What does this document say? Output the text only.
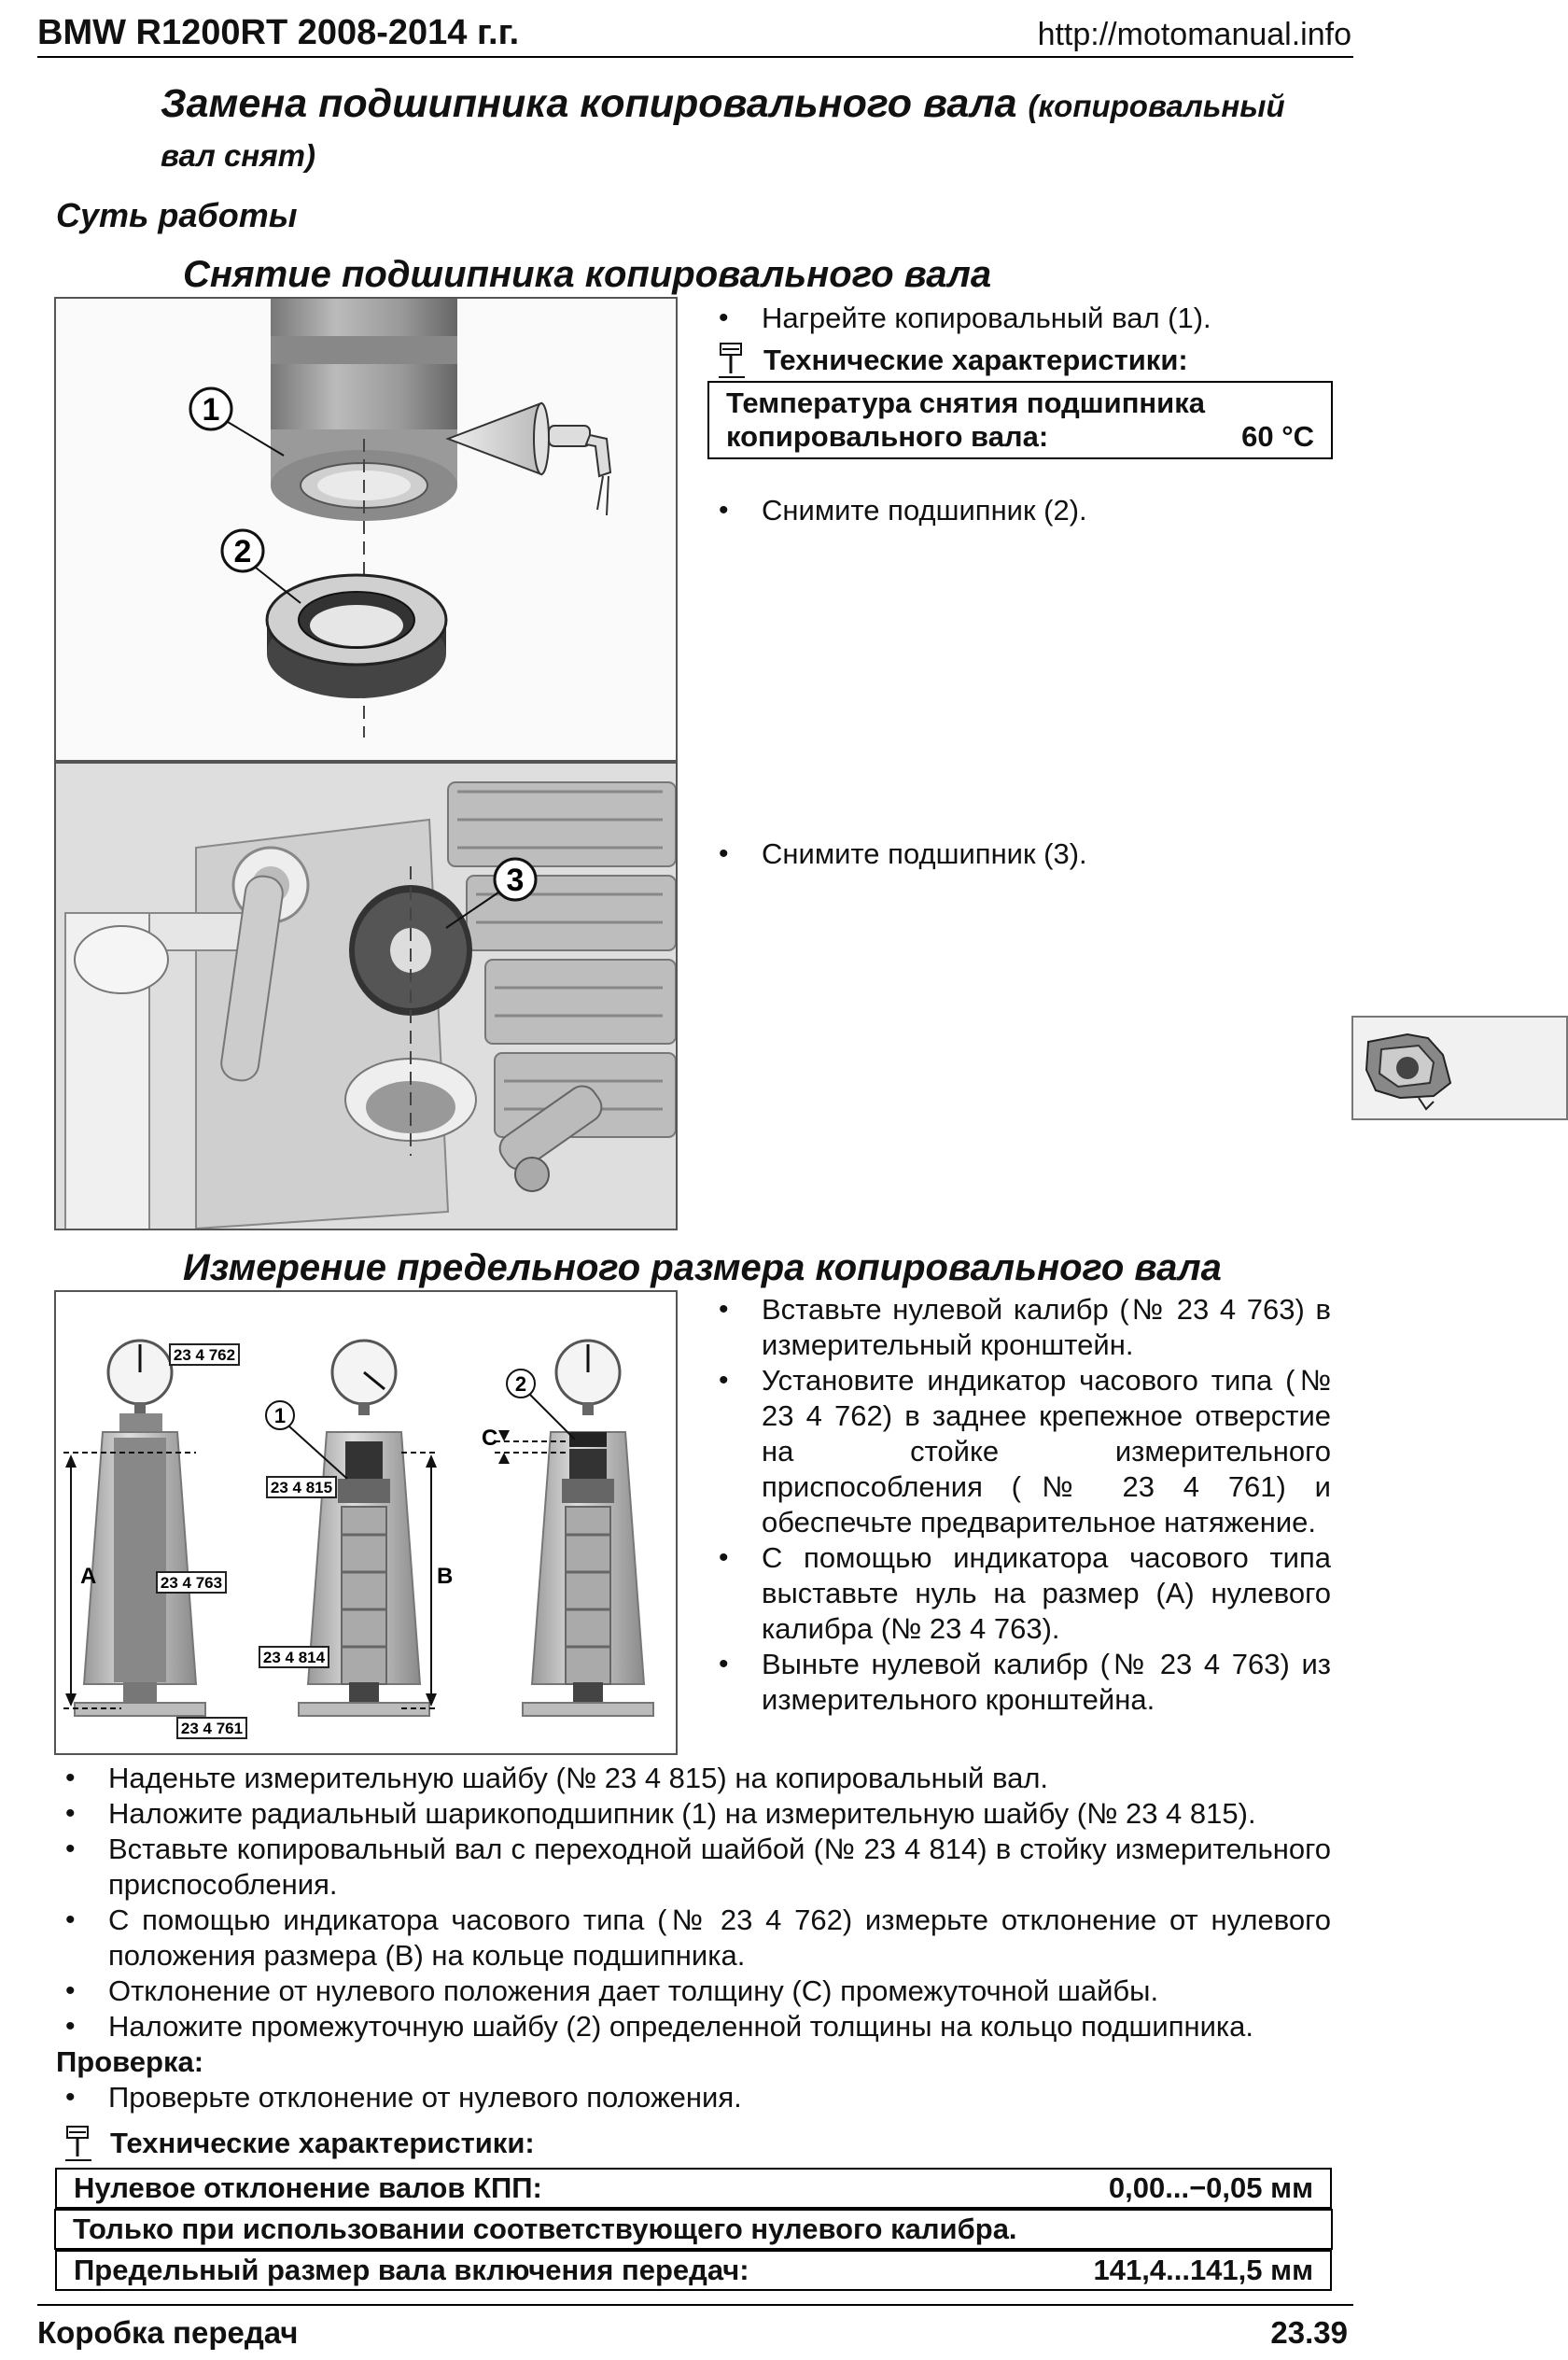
BMW R1200RT 2008-2014 г.г.	http://motomanual.info
Замена подшипника копировального вала (копировальный вал снят)
Суть работы
Снятие подшипника копировального вала
1
2
• Нагрейте копировальный вал (1).
Технические характеристики:
Температура снятия подшипника
копировального вала:	60 °C
• Снимите подшипник (2).
3
• Снимите подшипник (3).
Измерение предельного размера копировального вала
1
2
A	B
C
23 4 762
23 4 815
23 4 763
23 4 814
23 4 761
• Вставьте нулевой калибр (№ 23 4 763) в измерительный кронштейн.
• Установите индикатор часового типа (№ 23 4 762) в заднее крепежное отверстие на стойке измерительного приспособления (№ 23 4 761) и обеспечьте предварительное натяжение.
• С помощью индикатора часового типа выставьте нуль на размер (A) нулевого калибра (№ 23 4 763).
• Выньте нулевой калибр (№ 23 4 763) из измерительного кронштейна.
• Наденьте измерительную шайбу (№ 23 4 815) на копировальный вал.
• Наложите радиальный шарикоподшипник (1) на измерительную шайбу (№ 23 4 815).
• Вставьте копировальный вал с переходной шайбой (№ 23 4 814) в стойку измерительного приспособления.
• С помощью индикатора часового типа (№ 23 4 762) измерьте отклонение от нулевого положения размера (B) на кольце подшипника.
• Отклонение от нулевого положения дает толщину (C) промежуточной шайбы.
• Наложите промежуточную шайбу (2) определенной толщины на кольцо подшипника.
Проверка:
• Проверьте отклонение от нулевого положения.
Технические характеристики:
Нулевое отклонение валов КПП:	0,00...−0,05 мм

Только при использовании соответствующего нулевого калибра.

Предельный размер вала включения передач:	141,4...141,5 мм
Коробка передач	23.39
